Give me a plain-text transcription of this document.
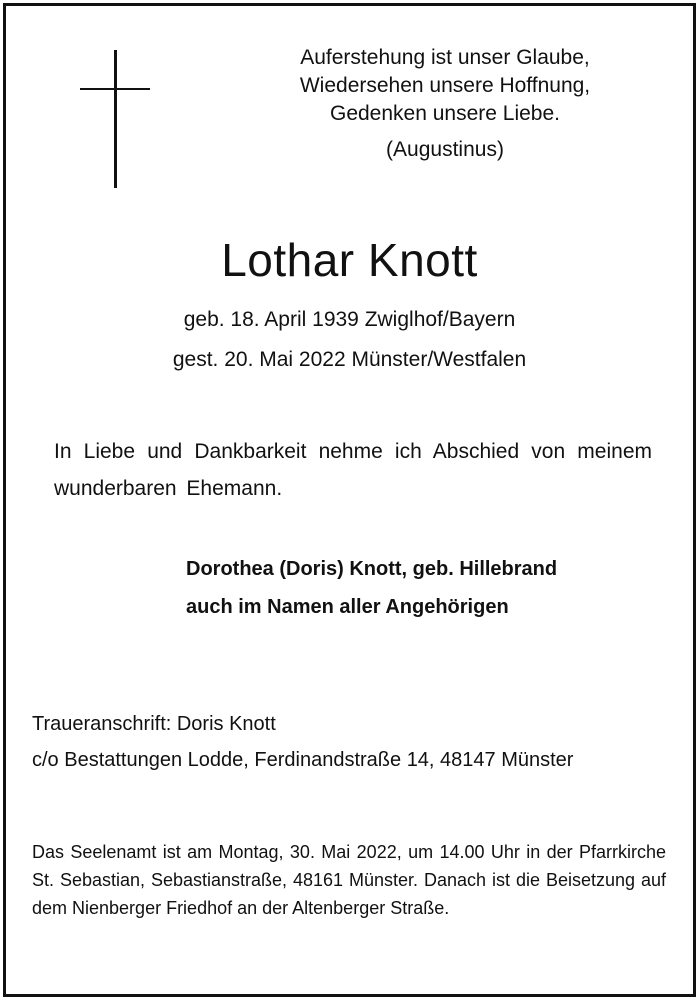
Auferstehung ist unser Glaube,
Wiedersehen unsere Hoffnung,
Gedenken unsere Liebe.
(Augustinus)
Lothar Knott
geb. 18. April 1939 Zwiglhof/Bayern
gest. 20. Mai 2022 Münster/Westfalen
In Liebe und Dankbarkeit nehme ich Abschied von meinem wunderbaren Ehemann.
Dorothea (Doris) Knott, geb. Hillebrand
auch im Namen aller Angehörigen
Traueranschrift: Doris Knott
c/o Bestattungen Lodde, Ferdinandstraße 14, 48147 Münster
Das Seelenamt ist am Montag, 30. Mai 2022, um 14.00 Uhr in der Pfarrkirche St. Sebastian, Sebastianstraße, 48161 Münster. Danach ist die Beisetzung auf dem Nienberger Friedhof an der Altenberger Straße.
